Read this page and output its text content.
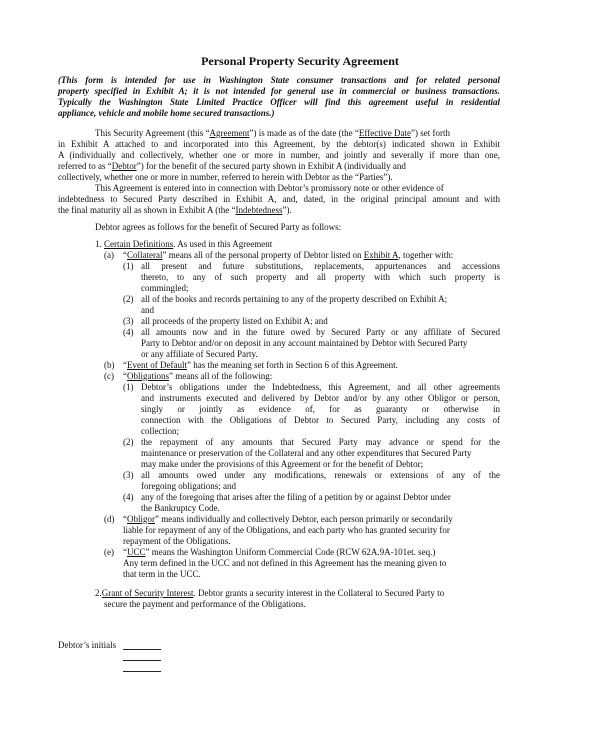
Personal Property Security Agreement
(This form is intended for use in Washington State consumer transactions and for related personal
property specified in Exhibit A; it is not intended for general use in commercial or business transactions.
Typically the Washington State Limited Practice Officer will find this agreement useful in residential
appliance, vehicle and mobile home secured transactions.)
This Security Agreement (this “Agreement”) is made as of the date (the “Effective Date”) set forth
in Exhibit A attached to and incorporated into this Agreement, by the debtor(s) indicated shown in Exhibit
A (individually and collectively, whether one or more in number, and jointly and severally if more than one,
referred to as “Debtor”) for the benefit of the secured party shown in Exhibit A (individually and
collectively, whether one or more in number, referred to herein with Debtor as the “Parties”).
This Agreement is entered into in connection with Debtor’s promissory note or other evidence of
indebtedness to Secured Party described in Exhibit A, and, dated, in the original principal amount and with
the final maturity all as shown in Exhibit A (the “Indebtedness”).
Debtor agrees as follows for the benefit of Secured Party as follows:
1. Certain Definitions. As used in this Agreement
(a) “Collateral” means all of the personal property of Debtor listed on Exhibit A, together with:
(1) all present and future substitutions, replacements, appurtenances and accessions
thereto, to any of such property and all property with which such property is
commingled;
(2) all of the books and records pertaining to any of the property described on Exhibit A;
and
(3) all proceeds of the property listed on Exhibit A; and
(4) all amounts now and in the future owed by Secured Party or any affiliate of Secured
Party to Debtor and/or on deposit in any account maintained by Debtor with Secured Party
or any affiliate of Secured Party.
(b) “Event of Default” has the meaning set forth in Section 6 of this Agreement.
(c) “Obligations” means all of the following:
(1) Debtor’s obligations under the Indebtedness, this Agreement, and all other agreements
and instruments executed and delivered by Debtor and/or by any other Obligor or person,
singly or jointly as evidence of, for as guaranty or otherwise in
connection with the Obligations of Debtor to Secured Party, including any costs of
collection;
(2) the repayment of any amounts that Secured Party may advance or spend for the
maintenance or preservation of the Collateral and any other expenditures that Secured Party
may make under the provisions of this Agreement or for the benefit of Debtor;
(3) all amounts owed under any modifications, renewals or extensions of any of the
foregoing obligations; and
(4) any of the foregoing that arises after the filing of a petition by or against Debtor under
the Bankruptcy Code.
(d) “Obligor” means individually and collectively Debtor, each person primarily or secondarily
liable for repayment of any of the Obligations, and each party who has granted security for
repayment of the Obligations.
(e) “UCC” means the Washington Uniform Commercial Code (RCW 62A.9A-101et. seq.)
Any term defined in the UCC and not defined in this Agreement has the meaning given to
that term in the UCC.
2.Grant of Security Interest. Debtor grants a security interest in the Collateral to Secured Party to
secure the payment and performance of the Obligations.
Debtor’s initials
